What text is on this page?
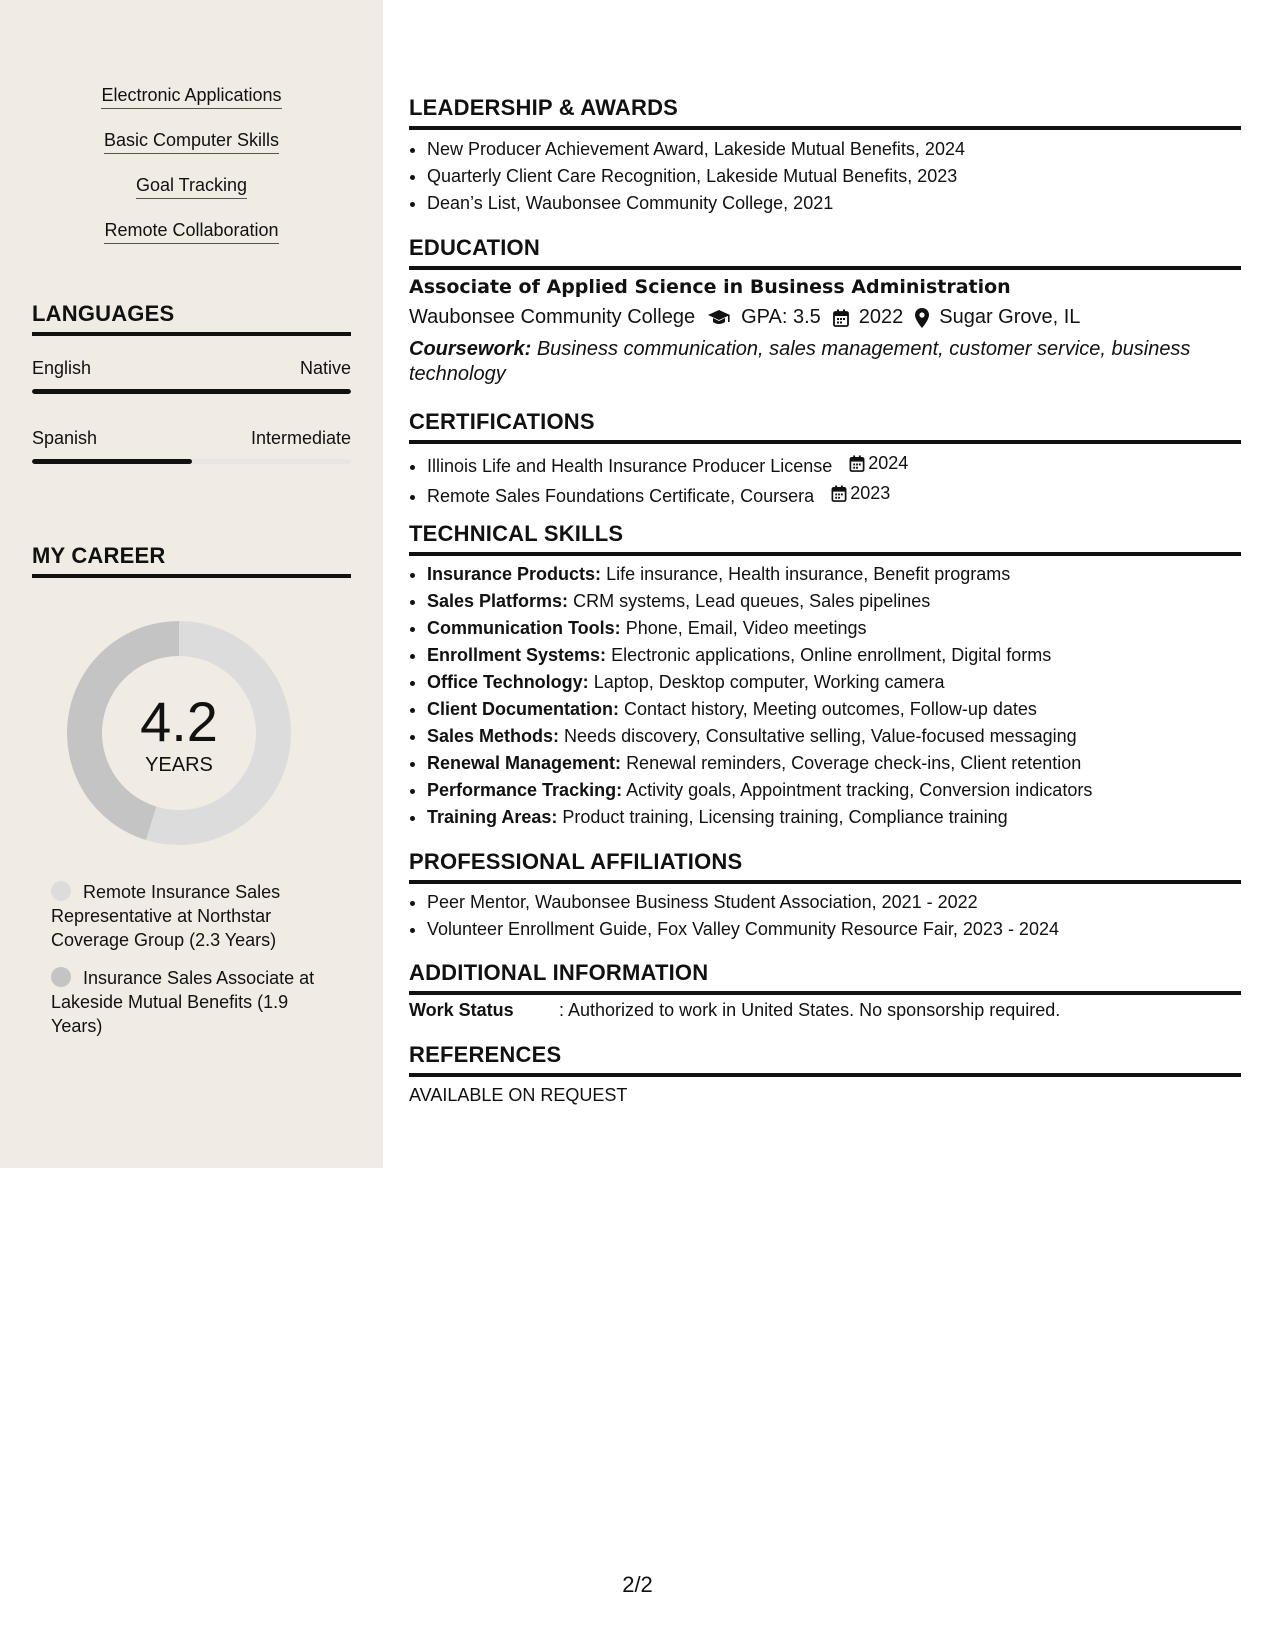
Electronic Applications
Basic Computer Skills
Goal Tracking
Remote Collaboration
LANGUAGES
English	Native
Spanish	Intermediate
MY CAREER
4.2
YEARS
Remote Insurance Sales Representative at Northstar Coverage Group (2.3 Years)
Insurance Sales Associate at Lakeside Mutual Benefits (1.9 Years)
LEADERSHIP & AWARDS
• New Producer Achievement Award, Lakeside Mutual Benefits, 2024
• Quarterly Client Care Recognition, Lakeside Mutual Benefits, 2023
• Dean’s List, Waubonsee Community College, 2021
EDUCATION
Associate of Applied Science in Business Administration
Waubonsee Community College GPA: 3.5 2022 Sugar Grove, IL
Coursework: Business communication, sales management, customer service, business technology
CERTIFICATIONS
• Illinois Life and Health Insurance Producer License 2024
• Remote Sales Foundations Certificate, Coursera 2023
TECHNICAL SKILLS
• Insurance Products: Life insurance, Health insurance, Benefit programs
• Sales Platforms: CRM systems, Lead queues, Sales pipelines
• Communication Tools: Phone, Email, Video meetings
• Enrollment Systems: Electronic applications, Online enrollment, Digital forms
• Office Technology: Laptop, Desktop computer, Working camera
• Client Documentation: Contact history, Meeting outcomes, Follow-up dates
• Sales Methods: Needs discovery, Consultative selling, Value-focused messaging
• Renewal Management: Renewal reminders, Coverage check-ins, Client retention
• Performance Tracking: Activity goals, Appointment tracking, Conversion indicators
• Training Areas: Product training, Licensing training, Compliance training
PROFESSIONAL AFFILIATIONS
• Peer Mentor, Waubonsee Business Student Association, 2021 - 2022
• Volunteer Enrollment Guide, Fox Valley Community Resource Fair, 2023 - 2024
ADDITIONAL INFORMATION
Work Status	: Authorized to work in United States. No sponsorship required.
REFERENCES
AVAILABLE ON REQUEST
2/2
